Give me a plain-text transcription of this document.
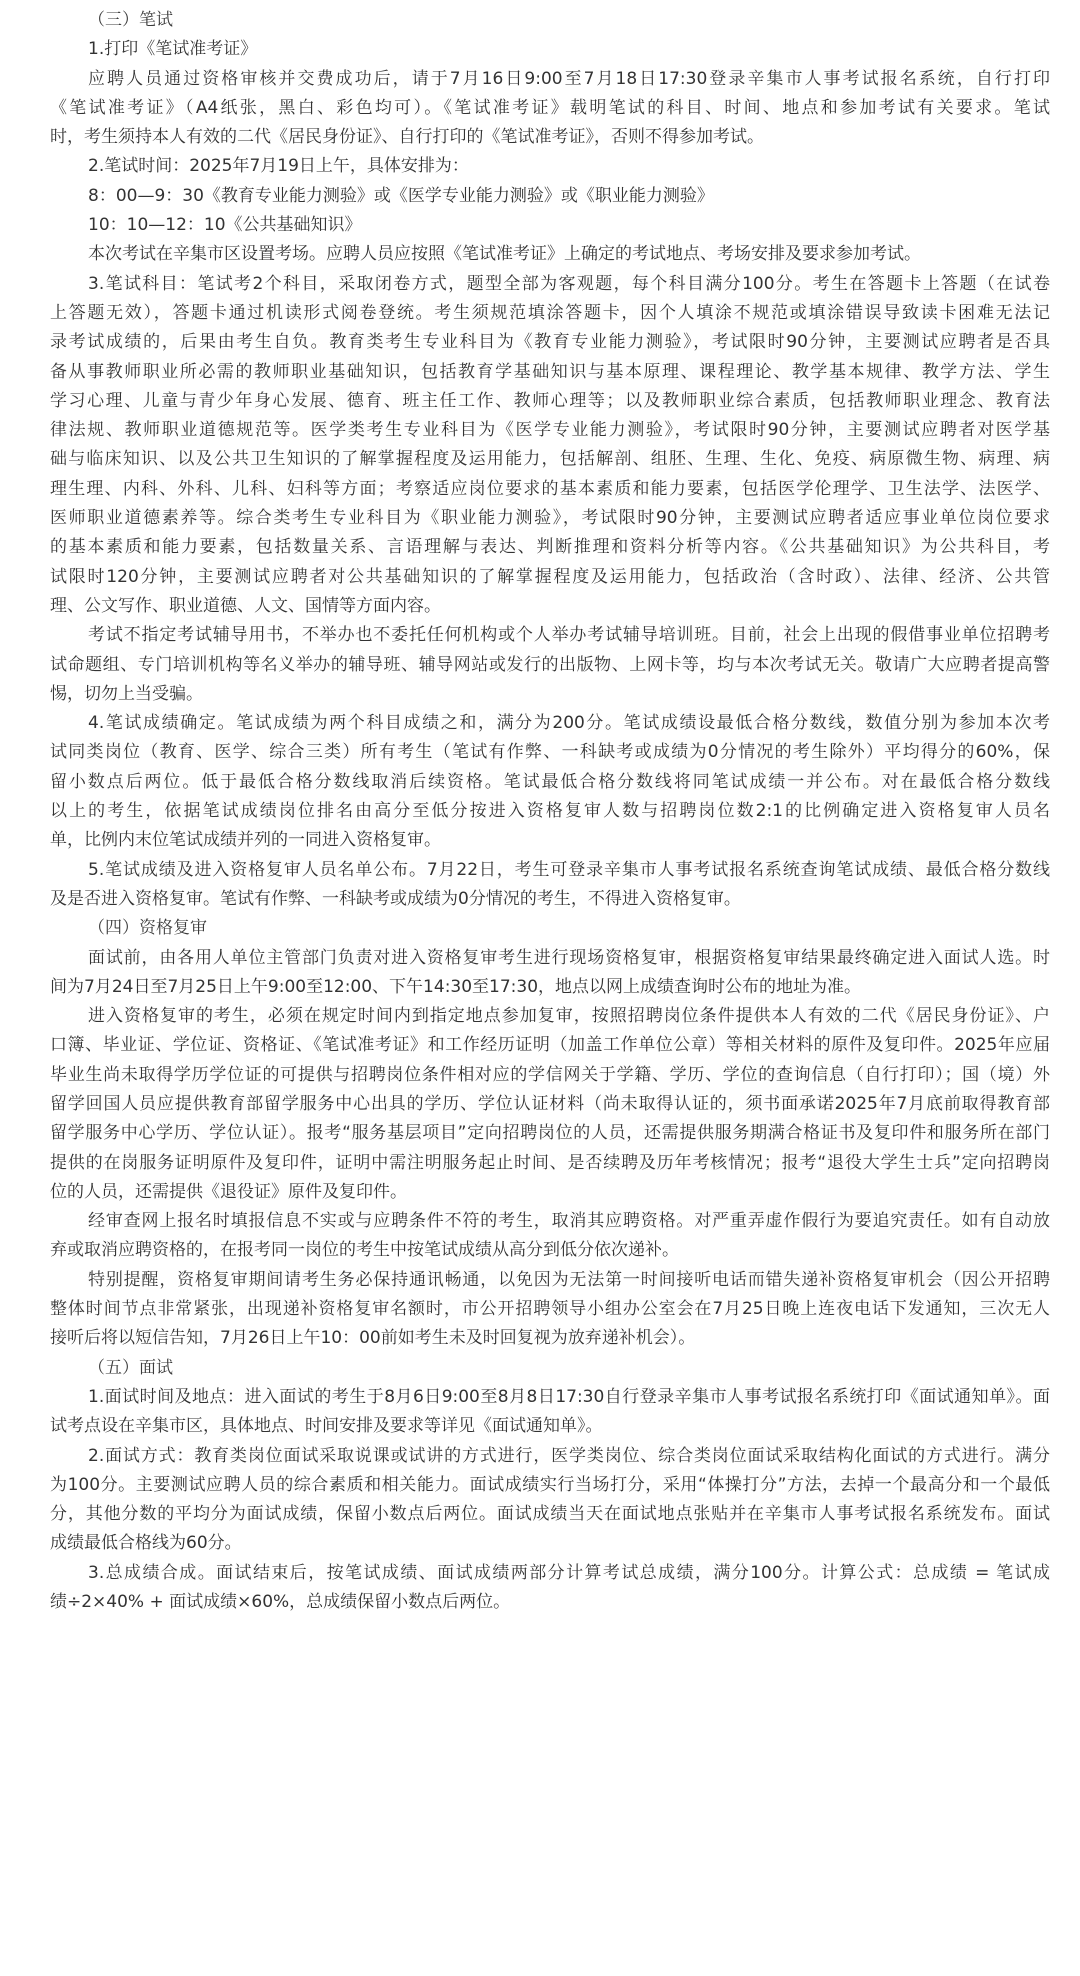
（三）笔试

1.打印《笔试准考证》

应聘人员通过资格审核并交费成功后，请于7月16日9:00至7月18日17:30登录辛集市人事考试报名系统，自行打印

《笔试准考证》（A4纸张，黑白、彩色均可）。《笔试准考证》载明笔试的科目、时间、地点和参加考试有关要求。笔试

时，考生须持本人有效的二代《居民身份证》、自行打印的《笔试准考证》，否则不得参加考试。

2.笔试时间：2025年7月19日上午，具体安排为：

8：00—9：30《教育专业能力测验》或《医学专业能力测验》或《职业能力测验》

10：10—12：10《公共基础知识》

本次考试在辛集市区设置考场。应聘人员应按照《笔试准考证》上确定的考试地点、考场安排及要求参加考试。

3.笔试科目：笔试考2个科目，采取闭卷方式，题型全部为客观题，每个科目满分100分。考生在答题卡上答题（在试卷

上答题无效），答题卡通过机读形式阅卷登统。考生须规范填涂答题卡，因个人填涂不规范或填涂错误导致读卡困难无法记

录考试成绩的，后果由考生自负。教育类考生专业科目为《教育专业能力测验》，考试限时90分钟，主要测试应聘者是否具

备从事教师职业所必需的教师职业基础知识，包括教育学基础知识与基本原理、课程理论、教学基本规律、教学方法、学生

学习心理、儿童与青少年身心发展、德育、班主任工作、教师心理等；以及教师职业综合素质，包括教师职业理念、教育法

律法规、教师职业道德规范等。医学类考生专业科目为《医学专业能力测验》，考试限时90分钟，主要测试应聘者对医学基

础与临床知识、以及公共卫生知识的了解掌握程度及运用能力，包括解剖、组胚、生理、生化、免疫、病原微生物、病理、病

理生理、内科、外科、儿科、妇科等方面；考察适应岗位要求的基本素质和能力要素，包括医学伦理学、卫生法学、法医学、

医师职业道德素养等。综合类考生专业科目为《职业能力测验》，考试限时90分钟，主要测试应聘者适应事业单位岗位要求

的基本素质和能力要素，包括数量关系、言语理解与表达、判断推理和资料分析等内容。《公共基础知识》为公共科目，考

试限时120分钟，主要测试应聘者对公共基础知识的了解掌握程度及运用能力，包括政治（含时政）、法律、经济、公共管

理、公文写作、职业道德、人文、国情等方面内容。

考试不指定考试辅导用书，不举办也不委托任何机构或个人举办考试辅导培训班。目前，社会上出现的假借事业单位招聘考

试命题组、专门培训机构等名义举办的辅导班、辅导网站或发行的出版物、上网卡等，均与本次考试无关。敬请广大应聘者提高警

惕，切勿上当受骗。

4.笔试成绩确定。笔试成绩为两个科目成绩之和，满分为200分。笔试成绩设最低合格分数线，数值分别为参加本次考

试同类岗位（教育、医学、综合三类）所有考生（笔试有作弊、一科缺考或成绩为0分情况的考生除外）平均得分的60%，保

留小数点后两位。低于最低合格分数线取消后续资格。笔试最低合格分数线将同笔试成绩一并公布。对在最低合格分数线

以上的考生，依据笔试成绩岗位排名由高分至低分按进入资格复审人数与招聘岗位数2:1的比例确定进入资格复审人员名

单，比例内末位笔试成绩并列的一同进入资格复审。

5.笔试成绩及进入资格复审人员名单公布。7月22日，考生可登录辛集市人事考试报名系统查询笔试成绩、最低合格分数线

及是否进入资格复审。笔试有作弊、一科缺考或成绩为0分情况的考生，不得进入资格复审。

（四）资格复审

面试前，由各用人单位主管部门负责对进入资格复审考生进行现场资格复审，根据资格复审结果最终确定进入面试人选。时

间为7月24日至7月25日上午9:00至12:00、下午14:30至17:30，地点以网上成绩查询时公布的地址为准。

进入资格复审的考生，必须在规定时间内到指定地点参加复审，按照招聘岗位条件提供本人有效的二代《居民身份证》、户

口簿、毕业证、学位证、资格证、《笔试准考证》和工作经历证明（加盖工作单位公章）等相关材料的原件及复印件。2025年应届

毕业生尚未取得学历学位证的可提供与招聘岗位条件相对应的学信网关于学籍、学历、学位的查询信息（自行打印）；国（境）外

留学回国人员应提供教育部留学服务中心出具的学历、学位认证材料（尚未取得认证的，须书面承诺2025年7月底前取得教育部

留学服务中心学历、学位认证）。报考“服务基层项目”定向招聘岗位的人员，还需提供服务期满合格证书及复印件和服务所在部门

提供的在岗服务证明原件及复印件，证明中需注明服务起止时间、是否续聘及历年考核情况；报考“退役大学生士兵”定向招聘岗

位的人员，还需提供《退役证》原件及复印件。

经审查网上报名时填报信息不实或与应聘条件不符的考生，取消其应聘资格。对严重弄虚作假行为要追究责任。如有自动放

弃或取消应聘资格的，在报考同一岗位的考生中按笔试成绩从高分到低分依次递补。

特别提醒，资格复审期间请考生务必保持通讯畅通，以免因为无法第一时间接听电话而错失递补资格复审机会（因公开招聘

整体时间节点非常紧张，出现递补资格复审名额时，市公开招聘领导小组办公室会在7月25日晚上连夜电话下发通知，三次无人

接听后将以短信告知，7月26日上午10：00前如考生未及时回复视为放弃递补机会）。

（五）面试

1.面试时间及地点：进入面试的考生于8月6日9:00至8月8日17:30自行登录辛集市人事考试报名系统打印《面试通知单》。面

试考点设在辛集市区，具体地点、时间安排及要求等详见《面试通知单》。

2.面试方式：教育类岗位面试采取说课或试讲的方式进行，医学类岗位、综合类岗位面试采取结构化面试的方式进行。满分

为100分。主要测试应聘人员的综合素质和相关能力。面试成绩实行当场打分，采用“体操打分”方法，去掉一个最高分和一个最低

分，其他分数的平均分为面试成绩，保留小数点后两位。面试成绩当天在面试地点张贴并在辛集市人事考试报名系统发布。面试

成绩最低合格线为60分。

3.总成绩合成。面试结束后，按笔试成绩、面试成绩两部分计算考试总成绩，满分100分。计算公式：总成绩 = 笔试成

绩÷2×40% + 面试成绩×60%，总成绩保留小数点后两位。
